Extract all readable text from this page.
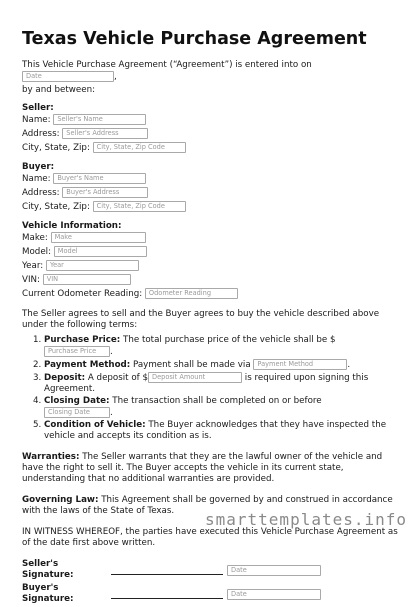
Texas Vehicle Purchase Agreement
This Vehicle Purchase Agreement (“Agreement”) is entered into on Date	,
by and between:
Seller:
Name: Seller's Name
Address: Seller's Address
City, State, Zip: City, State, Zip Code
Buyer:
Name: Buyer's Name
Address: Buyer's Address
City, State, Zip: City, State, Zip Code
Vehicle Information:
Make: Make
Model: Model
Year: Year
VIN: VIN
Current Odometer Reading: Odometer Reading

The Seller agrees to sell and the Buyer agrees to buy the vehicle described above under the following terms:

1. Purchase Price: The total purchase price of the vehicle shall be $
Purchase Price .
2. Payment Method: Payment shall be made via Payment Method	.
3. Deposit: A deposit of $ Deposit Amount	is required upon signing this Agreement.
4. Closing Date: The transaction shall be completed on or before
Closing Date .
5. Condition of Vehicle: The Buyer acknowledges that they have inspected the vehicle and accepts its condition as is.

Warranties: The Seller warrants that they are the lawful owner of the vehicle and have the right to sell it. The Buyer accepts the vehicle in its current state, understanding that no additional warranties are provided.

Governing Law: This Agreement shall be governed by and construed in accordance with the laws of the State of Texas.

IN WITNESS WHEREOF, the parties have executed this Vehicle Purchase Agreement as of the date first above written.

Seller's Signature:
Date
Buyer's Signature:
Date
smarttemplates.info
